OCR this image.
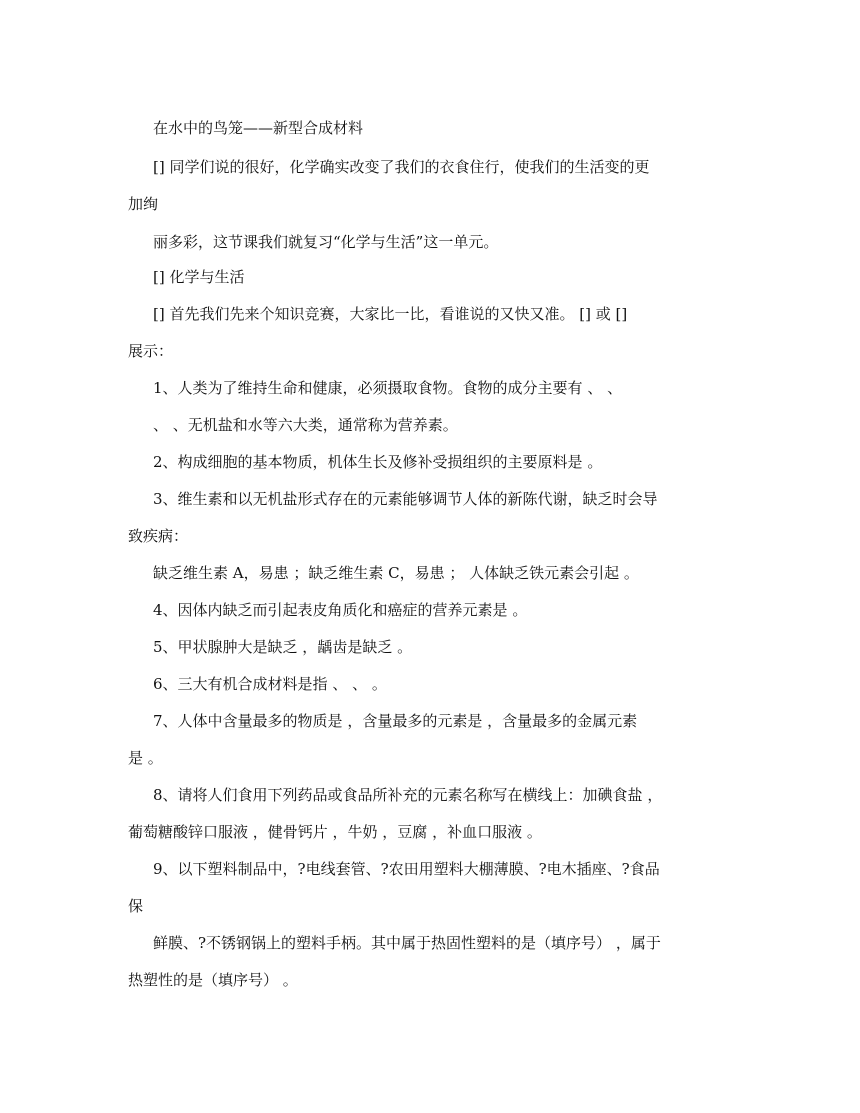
在水中的鸟笼——新型合成材料
[] 同学们说的很好，化学确实改变了我们的衣食住行，使我们的生活变的更
加绚
丽多彩，这节课我们就复习“化学与生活”这一单元。
[] 化学与生活
[] 首先我们先来个知识竞赛，大家比一比，看谁说的又快又准。 [] 或 []
展示：
1、人类为了维持生命和健康，必须摄取食物。食物的成分主要有 、 、
、 、无机盐和水等六大类，通常称为营养素。
2、构成细胞的基本物质，机体生长及修补受损组织的主要原料是 。
3、维生素和以无机盐形式存在的元素能够调节人体的新陈代谢，缺乏时会导
致疾病：
缺乏维生素 A，易患 ；缺乏维生素 C，易患 ； 人体缺乏铁元素会引起 。
4、因体内缺乏而引起表皮角质化和癌症的营养元素是 。
5、甲状腺肿大是缺乏 ，龋齿是缺乏 。
6、三大有机合成材料是指 、 、 。
7、人体中含量最多的物质是 ，含量最多的元素是 ，含量最多的金属元素
是 。
8、请将人们食用下列药品或食品所补充的元素名称写在横线上：加碘食盐 ，
葡萄糖酸锌口服液 ，健骨钙片 ，牛奶 ，豆腐 ，补血口服液 。
9、以下塑料制品中，?电线套管、?农田用塑料大棚薄膜、?电木插座、?食品
保
鲜膜、?不锈钢锅上的塑料手柄。其中属于热固性塑料的是（填序号） ，属于
热塑性的是（填序号） 。
